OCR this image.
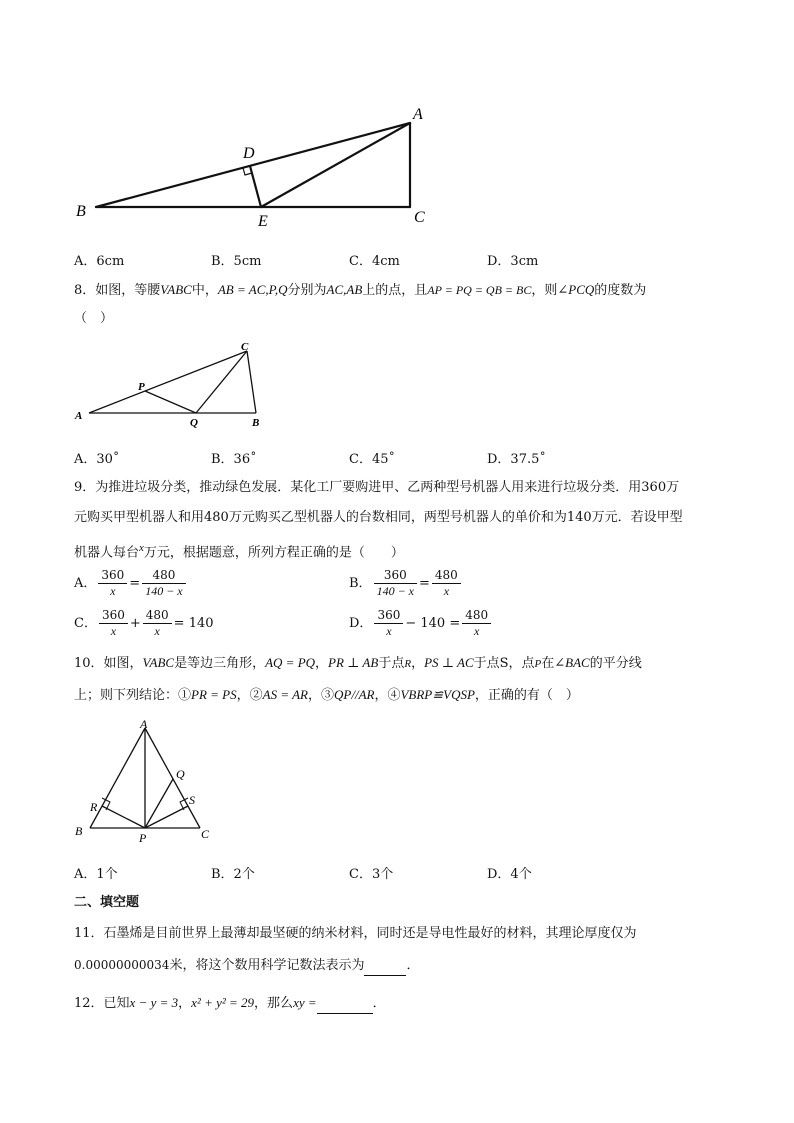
A
B	C
D
E
A．6cm	B．5cm	C．4cm	D．3cm
8．如图，等腰VABC中，AB = AC,P,Q分别为AC,AB上的点，且AP = PQ = QB = BC，则∠PCQ的度数为
（　）
C
P
A
Q	B
A．30˚	B．36˚	C．45˚	D．37.5˚
9．为推进垃圾分类，推动绿色发展．某化工厂要购进甲、乙两种型号机器人用来进行垃圾分类．用360万
元购买甲型机器人和用480万元购买乙型机器人的台数相同，两型号机器人的单价和为140万元．若设甲型
机器人每台$^x$万元，根据题意，所列方程正确的是（　　）
A． $\frac{360}{x} = \frac{480}{140 - x}$	B． $\frac{360}{140 - x} = \frac{480}{x}$
C． $\frac{360}{x} + \frac{480}{x} = 140$	D． $\frac{360}{x} - 140 = \frac{480}{x}$
10．如图，VABC是等边三角形，AQ = PQ，PR ⊥ AB于点R，PS ⊥ AC于点S，点P在∠BAC的平分线
上；则下列结论：①PR = PS，②AS = AR，③QP//AR，④VBRP≌VQSP，正确的有（　）
A
Q
R	S
B	P	C
A．1个	B．2个	C．3个	D．4个
二、填空题
11．石墨烯是目前世界上最薄却最坚硬的纳米材料，同时还是导电性最好的材料，其理论厚度仅为
0.00000000034米，将这个数用科学记数法表示为	．
12．已知x − y = 3，x² + y² = 29，那么xy =	．
